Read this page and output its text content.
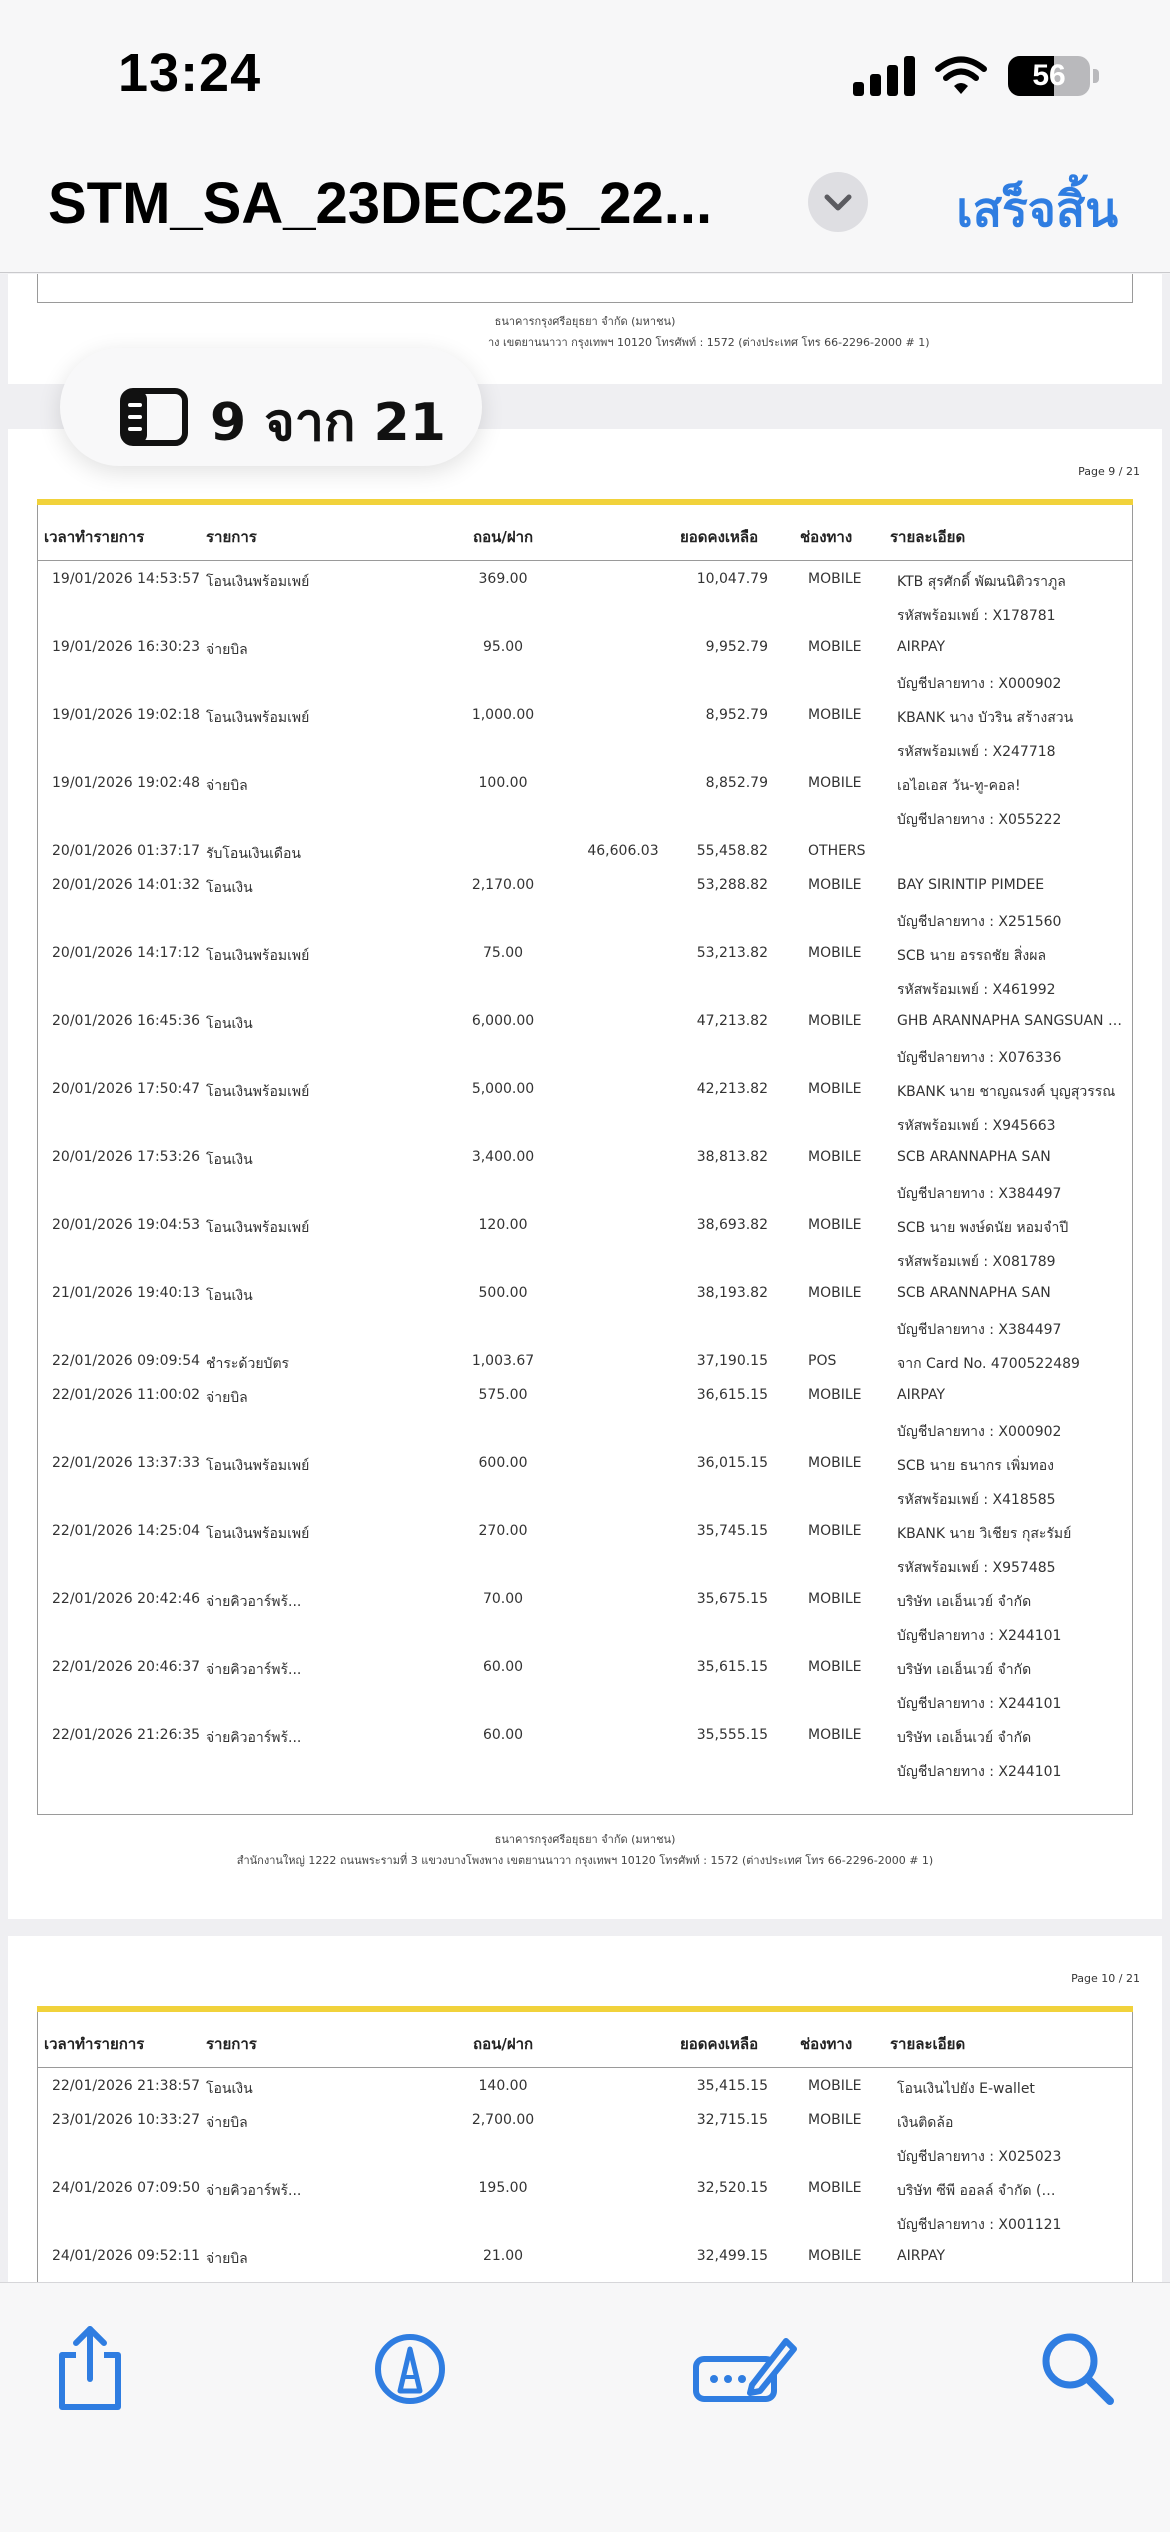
13:24	56
STM_SA_23DEC25_22...	เสร็จสิ้น
ธนาคารกรุงศรีอยุธยา จำกัด (มหาชน)
าง เขตยานนาวา กรุงเทพฯ 10120 โทรศัพท์ : 1572 (ต่างประเทศ โทร 66-2296-2000 # 1)
Page 9 / 21
เวลาทำรายการ	รายการ	ถอน/ฝาก	ยอดคงเหลือ	ช่องทาง	รายละเอียด
19/01/2026 14:53:57 โอนเงินพร้อมเพย์	369.00	10,047.79	MOBILE	KTB สุรศักดิ์ พัฒนนิติวราภูล
รหัสพร้อมเพย์ : X178781
19/01/2026 16:30:23 จ่ายบิล	95.00	9,952.79	MOBILE	AIRPAY
บัญชีปลายทาง : X000902
19/01/2026 19:02:18 โอนเงินพร้อมเพย์	1,000.00	8,952.79	MOBILE	KBANK นาง บัวริน สร้างสวน
รหัสพร้อมเพย์ : X247718
19/01/2026 19:02:48 จ่ายบิล	100.00	8,852.79	MOBILE	เอไอเอส วัน-ทู-คอล!
บัญชีปลายทาง : X055222
20/01/2026 01:37:17 รับโอนเงินเดือน	46,606.03	55,458.82	OTHERS
20/01/2026 14:01:32 โอนเงิน	2,170.00	53,288.82	MOBILE	BAY SIRINTIP PIMDEE
บัญชีปลายทาง : X251560
20/01/2026 14:17:12 โอนเงินพร้อมเพย์	75.00	53,213.82	MOBILE	SCB นาย อรรถชัย สิ่งผล
รหัสพร้อมเพย์ : X461992
20/01/2026 16:45:36 โอนเงิน	6,000.00	47,213.82	MOBILE	GHB ARANNAPHA SANGSUAN …
บัญชีปลายทาง : X076336
20/01/2026 17:50:47 โอนเงินพร้อมเพย์	5,000.00	42,213.82	MOBILE	KBANK นาย ชาญณรงค์ บุญสุวรรณ
รหัสพร้อมเพย์ : X945663
20/01/2026 17:53:26 โอนเงิน	3,400.00	38,813.82	MOBILE	SCB ARANNAPHA SAN
บัญชีปลายทาง : X384497
20/01/2026 19:04:53 โอนเงินพร้อมเพย์	120.00	38,693.82	MOBILE	SCB นาย พงษ์ดนัย หอมจำปี
รหัสพร้อมเพย์ : X081789
21/01/2026 19:40:13 โอนเงิน	500.00	38,193.82	MOBILE	SCB ARANNAPHA SAN
บัญชีปลายทาง : X384497
22/01/2026 09:09:54 ชำระด้วยบัตร	1,003.67	37,190.15	POS	จาก Card No. 4700522489
22/01/2026 11:00:02 จ่ายบิล	575.00	36,615.15	MOBILE	AIRPAY
บัญชีปลายทาง : X000902
22/01/2026 13:37:33 โอนเงินพร้อมเพย์	600.00	36,015.15	MOBILE	SCB นาย ธนากร เพิ่มทอง
รหัสพร้อมเพย์ : X418585
22/01/2026 14:25:04 โอนเงินพร้อมเพย์	270.00	35,745.15	MOBILE	KBANK นาย วิเชียร กุสะรัมย์
รหัสพร้อมเพย์ : X957485
22/01/2026 20:42:46 จ่ายคิวอาร์พร้...	70.00	35,675.15	MOBILE	บริษัท เอเอ็นเวย์ จำกัด
บัญชีปลายทาง : X244101
22/01/2026 20:46:37 จ่ายคิวอาร์พร้...	60.00	35,615.15	MOBILE	บริษัท เอเอ็นเวย์ จำกัด
บัญชีปลายทาง : X244101
22/01/2026 21:26:35 จ่ายคิวอาร์พร้...	60.00	35,555.15	MOBILE	บริษัท เอเอ็นเวย์ จำกัด
บัญชีปลายทาง : X244101
ธนาคารกรุงศรีอยุธยา จำกัด (มหาชน)
สำนักงานใหญ่ 1222 ถนนพระรามที่ 3 แขวงบางโพงพาง เขตยานนาวา กรุงเทพฯ 10120 โทรศัพท์ : 1572 (ต่างประเทศ โทร 66-2296-2000 # 1)
Page 10 / 21
เวลาทำรายการ	รายการ	ถอน/ฝาก	ยอดคงเหลือ	ช่องทาง	รายละเอียด
22/01/2026 21:38:57 โอนเงิน	140.00	35,415.15	MOBILE	โอนเงินไปยัง E-wallet
23/01/2026 10:33:27 จ่ายบิล	2,700.00	32,715.15	MOBILE	เงินติดล้อ
บัญชีปลายทาง : X025023
24/01/2026 07:09:50 จ่ายคิวอาร์พร้...	195.00	32,520.15	MOBILE	บริษัท ซีพี ออลล์ จำกัด (…
บัญชีปลายทาง : X001121
24/01/2026 09:52:11 จ่ายบิล	21.00	32,499.15	MOBILE	AIRPAY
9 จาก 21
